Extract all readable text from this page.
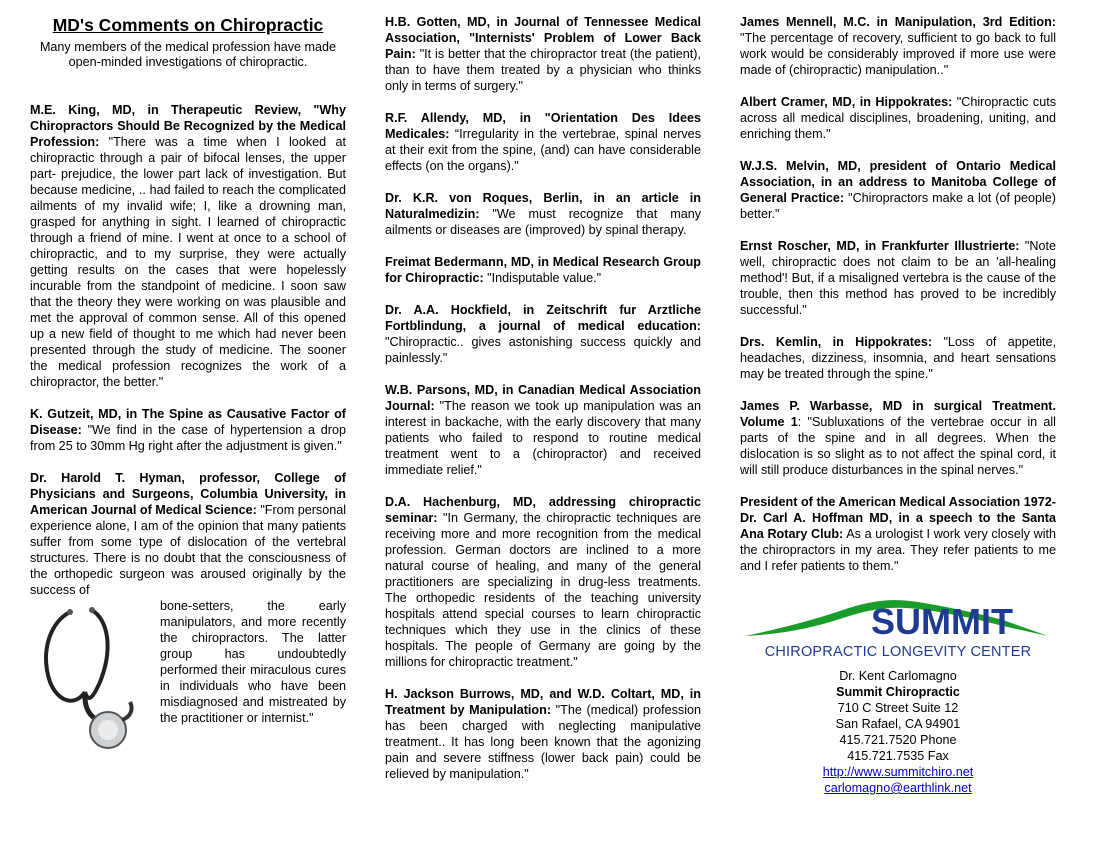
MD's Comments on Chiropractic
Many members of the medical profession have made open-minded investigations of chiropractic.

M.E. King, MD, in Therapeutic Review, "Why Chiropractors Should Be Recognized by the Medical Profession: "There was a time when I looked at chiropractic through a pair of bifocal lenses, the upper part- prejudice, the lower part lack of investigation. But because medicine, .. had failed to reach the complicated ailments of my invalid wife; I, like a drowning man, grasped for anything in sight. I learned of chiropractic through a friend of mine. I went at once to a school of chiropractic, and to my surprise, they were actually getting results on the cases that were hopelessly incurable from the standpoint of medicine. I soon saw that the theory they were working on was plausible and met the approval of common sense. All of this opened up a new field of thought to me which had never been presented through the study of medicine. The sooner the medical profession recognizes the work of a chiropractor, the better."

K. Gutzeit, MD, in The Spine as Causative Factor of Disease: "We find in the case of hypertension a drop from 25 to 30mm Hg right after the adjustment is given."

Dr. Harold T. Hyman, professor, College of Physicians and Surgeons, Columbia University, in American Journal of Medical Science: "From personal experience alone, I am of the opinion that many patients suffer from some type of dislocation of the vertebral structures. There is no doubt that the consciousness of the orthopedic surgeon was aroused originally by the success of
bone-setters, the early manipulators, and more recently the chiropractors. The latter group has undoubtedly performed their miraculous cures in individuals who have been misdiagnosed and mistreated by the practitioner or internist."

H.B. Gotten, MD, in Journal of Tennessee Medical Association, "Internists' Problem of Lower Back Pain: "It is better that the chiropractor treat (the patient), than to have them treated by a physician who thinks only in terms of surgery."

R.F. Allendy, MD, in "Orientation Des Idees Medicales: “Irregularity in the vertebrae, spinal nerves at their exit from the spine, (and) can have considerable effects (on the organs)."

Dr. K.R. von Roques, Berlin, in an article in Naturalmedizin: "We must recognize that many ailments or diseases are (improved) by spinal therapy.

Freimat Bedermann, MD, in Medical Research Group for Chiropractic: "Indisputable value."

Dr. A.A. Hockfield, in Zeitschrift fur Arztliche Fortblindung, a journal of medical education: "Chiropractic.. gives astonishing success quickly and painlessly."

W.B. Parsons, MD, in Canadian Medical Association Journal: "The reason we took up manipulation was an interest in backache, with the early discovery that many patients who failed to respond to routine medical treatment went to a (chiropractor) and received immediate relief."

D.A. Hachenburg, MD, addressing chiropractic seminar: "In Germany, the chiropractic techniques are receiving more and more recognition from the medical profession. German doctors are inclined to a more natural course of healing, and many of the general practitioners are specializing in drug-less treatments. The orthopedic residents of the teaching university hospitals attend special courses to learn chiropractic techniques which they use in the clinics of these hospitals. The people of Germany are going by the millions for chiropractic treatment."

H. Jackson Burrows, MD, and W.D. Coltart, MD, in Treatment by Manipulation: "The (medical) profession has been charged with neglecting manipulative treatment.. It has long been known that the agonizing pain and severe stiffness (lower back pain) could be relieved by manipulation."

James Mennell, M.C. in Manipulation, 3rd Edition: "The percentage of recovery, sufficient to go back to full work would be considerably improved if more use were made of (chiropractic) manipulation.."

Albert Cramer, MD, in Hippokrates: "Chiropractic cuts across all medical disciplines, broadening, uniting, and enriching them."

W.J.S. Melvin, MD, president of Ontario Medical Association, in an address to Manitoba College of General Practice: "Chiropractors make a lot (of people) better."

Ernst Roscher, MD, in Frankfurter Illustrierte: "Note well, chiropractic does not claim to be an 'all-healing method'! But, if a misaligned vertebra is the cause of the trouble, then this method has proved to be incredibly successful."

Drs. Kemlin, in Hippokrates: "Loss of appetite, headaches, dizziness, insomnia, and heart sensations may be treated through the spine."

James P. Warbasse, MD in surgical Treatment. Volume 1: "Subluxations of the vertebrae occur in all parts of the spine and in all degrees. When the dislocation is so slight as to not affect the spinal cord, it will still produce disturbances in the spinal nerves."

President of the American Medical Association 1972- Dr. Carl A. Hoffman MD, in a speech to the Santa Ana Rotary Club: As a urologist I work very closely with the chiropractors in my area. They refer patients to me and I refer patients to them."

SUMMIT
CHIROPRACTIC LONGEVITY CENTER
Dr. Kent Carlomagno
Summit Chiropractic
710 C Street Suite 12
San Rafael, CA 94901
415.721.7520 Phone
415.721.7535 Fax
http://www.summitchiro.net
carlomagno@earthlink.net
